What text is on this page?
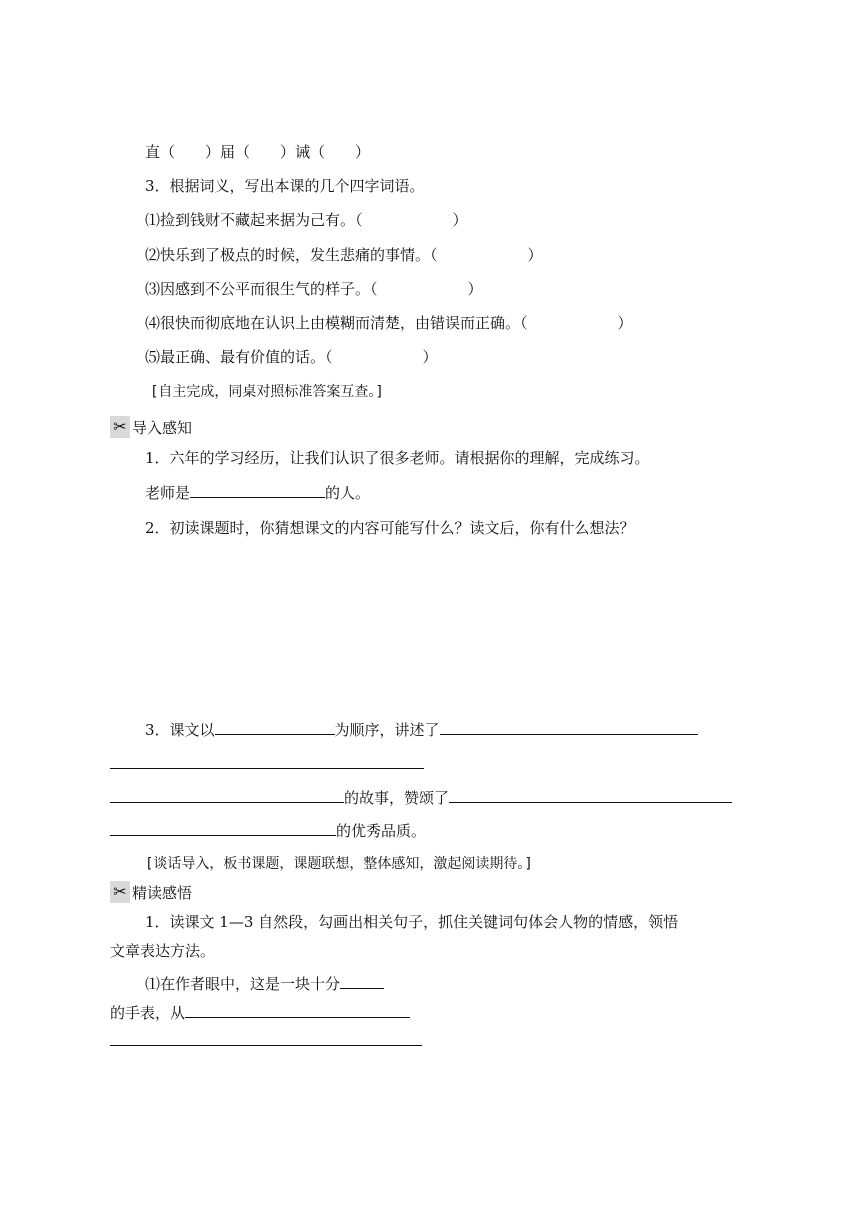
直（　　）届（　　）诫（　　）
3．根据词义，写出本课的几个四字词语。
⑴捡到钱财不藏起来据为己有。（　　　　　　）
⑵快乐到了极点的时候，发生悲痛的事情。（　　　　　　）
⑶因感到不公平而很生气的样子。（　　　　　　）
⑷很快而彻底地在认识上由模糊而清楚，由错误而正确。（　　　　　　）
⑸最正确、最有价值的话。（　　　　　　）
[自主完成，同桌对照标准答案互查。]
✂ 导入感知
1．六年的学习经历，让我们认识了很多老师。请根据你的理解，完成练习。
老师是	的人。
2．初读课题时，你猜想课文的内容可能写什么？读文后，你有什么想法？
3．课文以	为顺序，讲述了
的故事，赞颂了
的优秀品质。
[谈话导入，板书课题，课题联想，整体感知，激起阅读期待。]
✂ 精读感悟
1．读课文 1—3 自然段，勾画出相关句子，抓住关键词句体会人物的情感，领悟
文章表达方法。
⑴在作者眼中，这是一块十分
的手表，从
